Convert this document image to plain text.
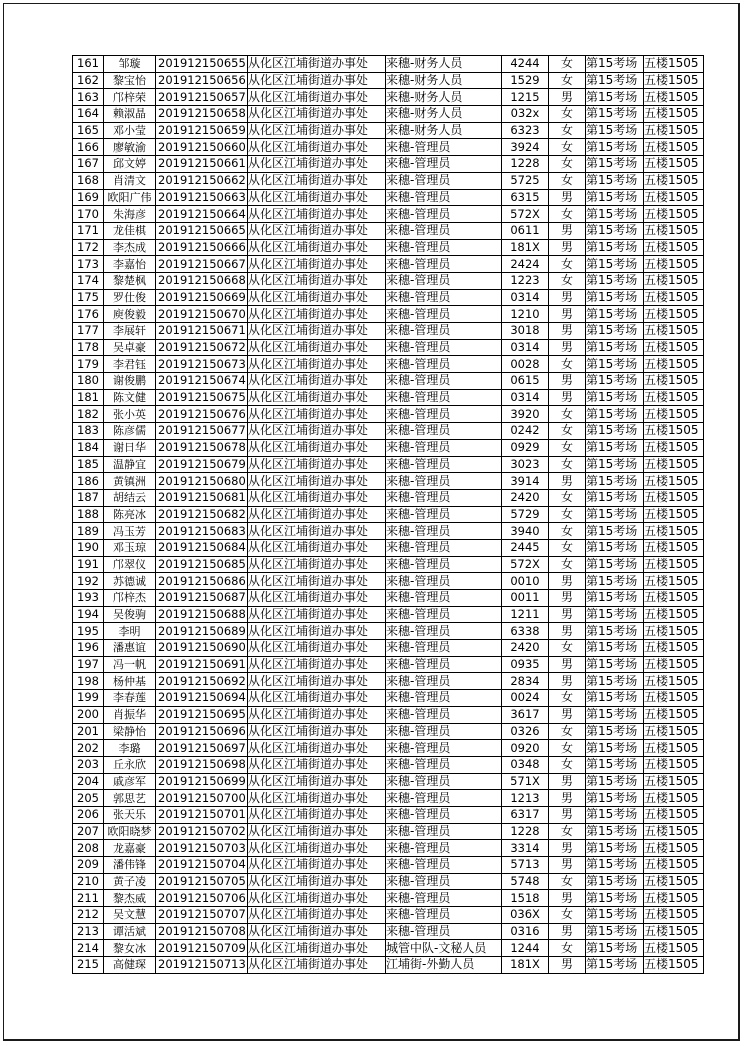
161	邹璇	201912150655	从化区江埔街道办事处	来穗-财务人员	4244	女	第15考场	五楼1505
162	黎宝怡	201912150656	从化区江埔街道办事处	来穗-财务人员	1529	女	第15考场	五楼1505
163	邝梓荣	201912150657	从化区江埔街道办事处	来穗-财务人员	1215	男	第15考场	五楼1505
164	赖淑晶	201912150658	从化区江埔街道办事处	来穗-财务人员	032x	女	第15考场	五楼1505
165	邓小莹	201912150659	从化区江埔街道办事处	来穗-财务人员	6323	女	第15考场	五楼1505
166	廖敏渝	201912150660	从化区江埔街道办事处	来穗-管理员	3924	女	第15考场	五楼1505
167	邱文婷	201912150661	从化区江埔街道办事处	来穗-管理员	1228	女	第15考场	五楼1505
168	肖清文	201912150662	从化区江埔街道办事处	来穗-管理员	5725	女	第15考场	五楼1505
169	欧阳广伟	201912150663	从化区江埔街道办事处	来穗-管理员	6315	男	第15考场	五楼1505
170	朱海彦	201912150664	从化区江埔街道办事处	来穗-管理员	572X	女	第15考场	五楼1505
171	龙佳棋	201912150665	从化区江埔街道办事处	来穗-管理员	0611	男	第15考场	五楼1505
172	李杰成	201912150666	从化区江埔街道办事处	来穗-管理员	181X	男	第15考场	五楼1505
173	李嘉怡	201912150667	从化区江埔街道办事处	来穗-管理员	2424	女	第15考场	五楼1505
174	黎楚枫	201912150668	从化区江埔街道办事处	来穗-管理员	1223	女	第15考场	五楼1505
175	罗仕俊	201912150669	从化区江埔街道办事处	来穗-管理员	0314	男	第15考场	五楼1505
176	庾俊毅	201912150670	从化区江埔街道办事处	来穗-管理员	1210	男	第15考场	五楼1505
177	李展轩	201912150671	从化区江埔街道办事处	来穗-管理员	3018	男	第15考场	五楼1505
178	吴卓豪	201912150672	从化区江埔街道办事处	来穗-管理员	0314	男	第15考场	五楼1505
179	李君钰	201912150673	从化区江埔街道办事处	来穗-管理员	0028	女	第15考场	五楼1505
180	谢俊鹏	201912150674	从化区江埔街道办事处	来穗-管理员	0615	男	第15考场	五楼1505
181	陈文健	201912150675	从化区江埔街道办事处	来穗-管理员	0314	男	第15考场	五楼1505
182	张小英	201912150676	从化区江埔街道办事处	来穗-管理员	3920	女	第15考场	五楼1505
183	陈彦儒	201912150677	从化区江埔街道办事处	来穗-管理员	0242	女	第15考场	五楼1505
184	谢日华	201912150678	从化区江埔街道办事处	来穗-管理员	0929	女	第15考场	五楼1505
185	温静宜	201912150679	从化区江埔街道办事处	来穗-管理员	3023	女	第15考场	五楼1505
186	黄镇洲	201912150680	从化区江埔街道办事处	来穗-管理员	3914	男	第15考场	五楼1505
187	胡结云	201912150681	从化区江埔街道办事处	来穗-管理员	2420	女	第15考场	五楼1505
188	陈亮冰	201912150682	从化区江埔街道办事处	来穗-管理员	5729	女	第15考场	五楼1505
189	冯玉芳	201912150683	从化区江埔街道办事处	来穗-管理员	3940	女	第15考场	五楼1505
190	邓玉琼	201912150684	从化区江埔街道办事处	来穗-管理员	2445	女	第15考场	五楼1505
191	邝翠仪	201912150685	从化区江埔街道办事处	来穗-管理员	572X	女	第15考场	五楼1505
192	苏德诚	201912150686	从化区江埔街道办事处	来穗-管理员	0010	男	第15考场	五楼1505
193	邝梓杰	201912150687	从化区江埔街道办事处	来穗-管理员	0011	男	第15考场	五楼1505
194	吴俊驹	201912150688	从化区江埔街道办事处	来穗-管理员	1211	男	第15考场	五楼1505
195	李明	201912150689	从化区江埔街道办事处	来穗-管理员	6338	男	第15考场	五楼1505
196	潘惠谊	201912150690	从化区江埔街道办事处	来穗-管理员	2420	女	第15考场	五楼1505
197	冯一帆	201912150691	从化区江埔街道办事处	来穗-管理员	0935	男	第15考场	五楼1505
198	杨仲基	201912150692	从化区江埔街道办事处	来穗-管理员	2834	男	第15考场	五楼1505
199	李春莲	201912150694	从化区江埔街道办事处	来穗-管理员	0024	女	第15考场	五楼1505
200	肖振华	201912150695	从化区江埔街道办事处	来穗-管理员	3617	男	第15考场	五楼1505
201	梁静怡	201912150696	从化区江埔街道办事处	来穗-管理员	0326	女	第15考场	五楼1505
202	李璐	201912150697	从化区江埔街道办事处	来穗-管理员	0920	女	第15考场	五楼1505
203	丘永欣	201912150698	从化区江埔街道办事处	来穗-管理员	0348	女	第15考场	五楼1505
204	戚彦军	201912150699	从化区江埔街道办事处	来穗-管理员	571X	男	第15考场	五楼1505
205	郭思艺	201912150700	从化区江埔街道办事处	来穗-管理员	1213	男	第15考场	五楼1505
206	张天乐	201912150701	从化区江埔街道办事处	来穗-管理员	6317	男	第15考场	五楼1505
207	欧阳晓梦	201912150702	从化区江埔街道办事处	来穗-管理员	1228	女	第15考场	五楼1505
208	龙嘉豪	201912150703	从化区江埔街道办事处	来穗-管理员	3314	男	第15考场	五楼1505
209	潘伟锋	201912150704	从化区江埔街道办事处	来穗-管理员	5713	男	第15考场	五楼1505
210	黄子凌	201912150705	从化区江埔街道办事处	来穗-管理员	5748	女	第15考场	五楼1505
211	黎杰威	201912150706	从化区江埔街道办事处	来穗-管理员	1518	男	第15考场	五楼1505
212	吴文慧	201912150707	从化区江埔街道办事处	来穗-管理员	036X	女	第15考场	五楼1505
213	谭活斌	201912150708	从化区江埔街道办事处	来穗-管理员	0316	男	第15考场	五楼1505
214	黎女冰	201912150709	从化区江埔街道办事处	城管中队-文秘人员	1244	女	第15考场	五楼1505
215	高健琛	201912150713	从化区江埔街道办事处	江埔街-外勤人员	181X	男	第15考场	五楼1505
